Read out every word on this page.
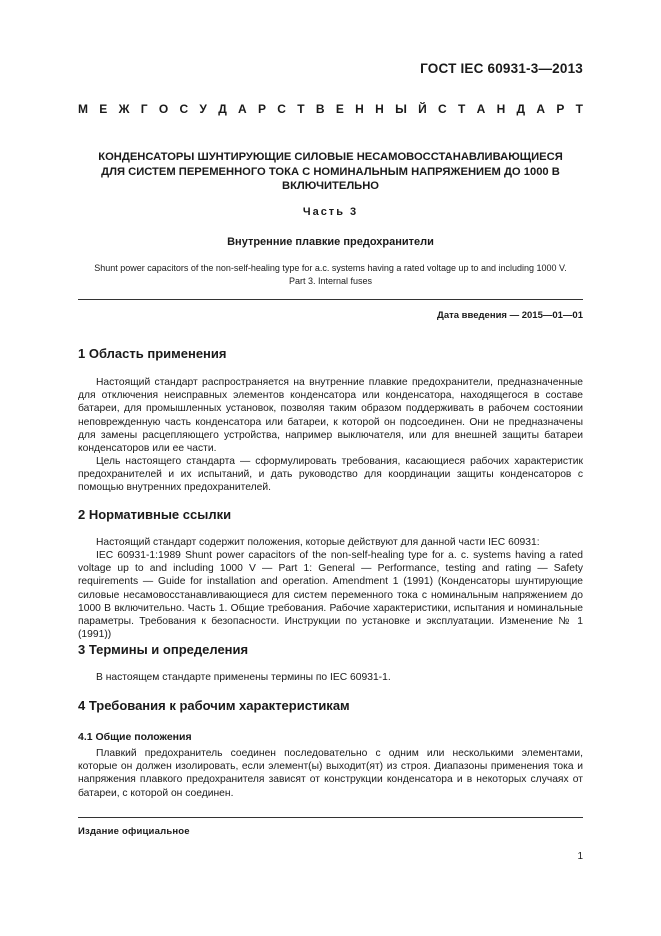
ГОСТ IEC 60931-3—2013
М Е Ж Г О С У Д А Р С Т В Е Н Н Ы Й С Т А Н Д А Р Т
КОНДЕНСАТОРЫ ШУНТИРУЮЩИЕ СИЛОВЫЕ НЕСАМОВОССТАНАВЛИВАЮЩИЕСЯ
ДЛЯ СИСТЕМ ПЕРЕМЕННОГО ТОКА С НОМИНАЛЬНЫМ НАПРЯЖЕНИЕМ ДО 1000 В
ВКЛЮЧИТЕЛЬНО
Часть 3
Внутренние плавкие предохранители
Shunt power capacitors of the non-self-healing type for a.c. systems having a rated voltage up to and including 1000 V.
Part 3. Internal fuses
Дата введения — 2015—01—01
1 Область применения

Настоящий стандарт распространяется на внутренние плавкие предохранители, предназначенные для отключения неисправных элементов конденсатора или конденсатора, находящегося в составе батареи, для промышленных установок, позволяя таким образом поддерживать в рабочем состоянии неповрежденную часть конденсатора или батареи, к которой он подсоединен. Они не предназначены для замены расцепляющего устройства, например выключателя, или для внешней защиты батареи конденсаторов или ее части.

Цель настоящего стандарта — сформулировать требования, касающиеся рабочих характеристик предохранителей и их испытаний, и дать руководство для координации защиты конденсаторов с помощью внутренних предохранителей.

2 Нормативные ссылки

Настоящий стандарт содержит положения, которые действуют для данной части IEC 60931:

IEC 60931-1:1989 Shunt power capacitors of the non-self-healing type for a. c. systems having a rated voltage up to and including 1000 V — Part 1: General — Performance, testing and rating — Safety requirements — Guide for installation and operation. Amendment 1 (1991) (Конденсаторы шунтирующие силовые несамовосстанавливающиеся для систем переменного тока с номинальным напряжением до 1000 В включительно. Часть 1. Общие требования. Рабочие характеристики, испытания и номинальные параметры. Требования к безопасности. Инструкции по установке и эксплуатации. Изменение № 1 (1991))

3 Термины и определения

В настоящем стандарте применены термины по IEC 60931-1.

4 Требования к рабочим характеристикам
4.1 Общие положения

Плавкий предохранитель соединен последовательно с одним или несколькими элементами, которые он должен изолировать, если элемент(ы) выходит(ят) из строя. Диапазоны применения тока и напряжения плавкого предохранителя зависят от конструкции конденсатора и в некоторых случаях от батареи, с которой он соединен.

Издание официальное
1
